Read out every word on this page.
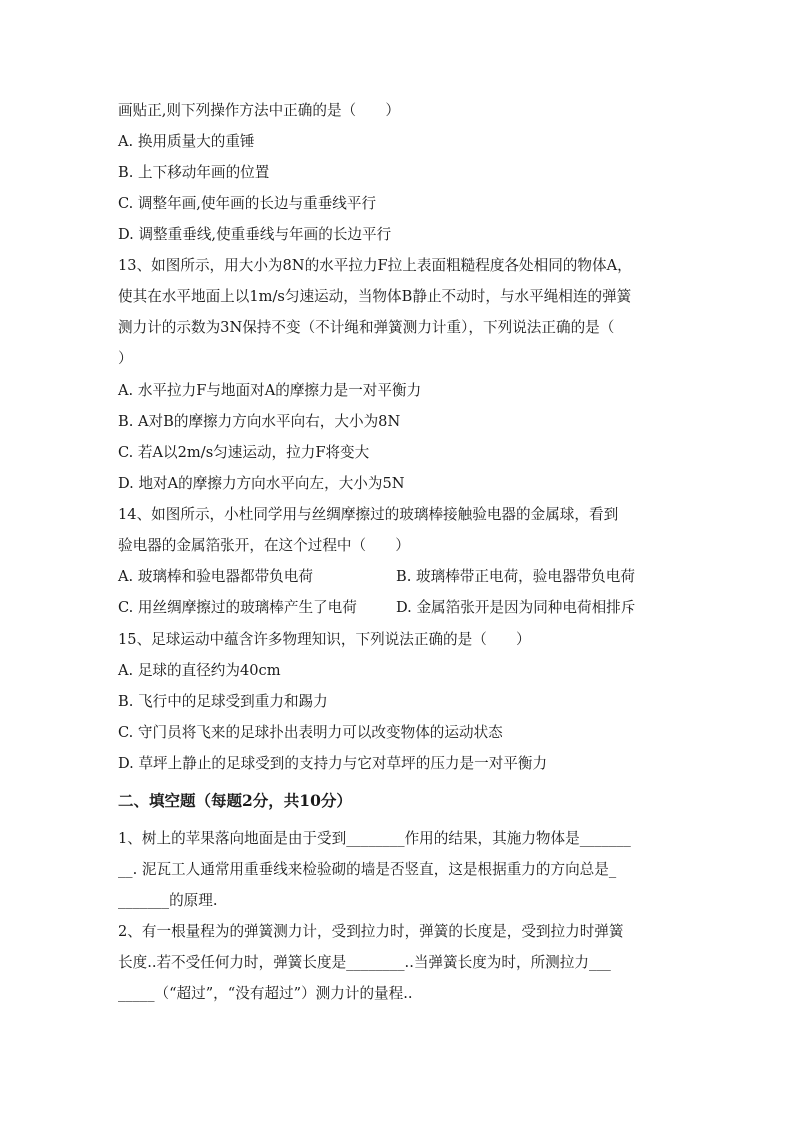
画贴正,则下列操作方法中正确的是（　　）
A. 换用质量大的重锤
B. 上下移动年画的位置
C. 调整年画,使年画的长边与重垂线平行
D. 调整重垂线,使重垂线与年画的长边平行
13、如图所示，用大小为8N的水平拉力F拉上表面粗糙程度各处相同的物体A，
使其在水平地面上以1m/s匀速运动，当物体B静止不动时，与水平绳相连的弹簧
测力计的示数为3N保持不变（不计绳和弹簧测力计重），下列说法正确的是（
）
A. 水平拉力F与地面对A的摩擦力是一对平衡力
B. A对B的摩擦力方向水平向右，大小为8N
C. 若A以2m/s匀速运动，拉力F将变大
D. 地对A的摩擦力方向水平向左，大小为5N
14、如图所示，小杜同学用与丝绸摩擦过的玻璃棒接触验电器的金属球，看到
验电器的金属箔张开，在这个过程中（　　）
A. 玻璃棒和验电器都带负电荷	B. 玻璃棒带正电荷，验电器带负电荷
C. 用丝绸摩擦过的玻璃棒产生了电荷	D. 金属箔张开是因为同种电荷相排斥
15、足球运动中蕴含许多物理知识，下列说法正确的是（　　）
A. 足球的直径约为40cm
B. 飞行中的足球受到重力和踢力
C. 守门员将飞来的足球扑出表明力可以改变物体的运动状态
D. 草坪上静止的足球受到的支持力与它对草坪的压力是一对平衡力
二、填空题（每题2分，共10分）
1、树上的苹果落向地面是由于受到________作用的结果，其施力物体是_______
__. 泥瓦工人通常用重垂线来检验砌的墙是否竖直，这是根据重力的方向总是_
_______的原理.
2、有一根量程为的弹簧测力计，受到拉力时，弹簧的长度是，受到拉力时弹簧
长度..若不受任何力时，弹簧长度是________..当弹簧长度为时，所测拉力___
_____（“超过”，“没有超过”）测力计的量程..
